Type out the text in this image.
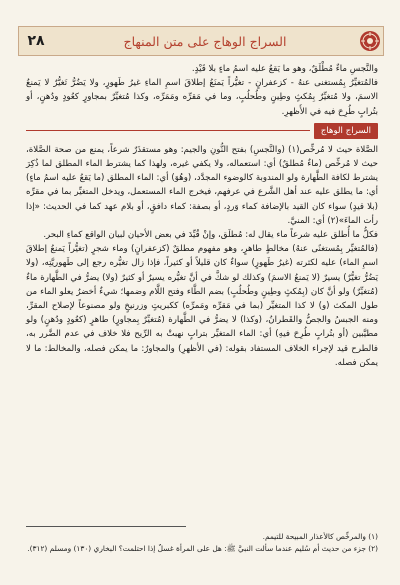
٢٨	السراج الوهاج على متن المنهاج

والنَّجسِ ماءٌ مُطْلَقٌ، وهو ما يَقعُ عليه اسمُ ماءٍ بلا قَيْدٍ.

فالمُتغيِّرُ بِمُستغنى عنهُ - كزعفرانٍ - تغيُّراً يَمنَعُ إطلاقَ اسمِ الماءِ غيرُ طَهورٍ، ولا يَضُرُّ تَغيُّرٌ لا يَمنعُ الاسمَ، ولا مُتغيِّرٌ بِمُكثٍ وطِينٍ وطُحلُبٍ، وما في مَقرِّه ومَمَرِّه، وكذا مُتغيِّرٌ بمجاورٍ كعُودٍ ودُهنٍ، أو بتُرابٍ طُرِحَ فيه في الأَظهرِ.

السراج الوهاج

الصَّلاة حيث لا مُرخِّص(١) (والنَّجسِ) بفتح النُّونِ والجيم: وهو مستقذَرٌ شرعاً، يمنع من صحة الصَّلاة، حيث لا مُرخِّص (ماءٌ مُطلقٌ) أي: استعماله، ولا يكفي غيره، ولهذا كما يشترط الماء المطلق لما ذُكِرَ يشترط لكافة الطَّهارة ولو المندوبة كالوضوء المجدَّد، (وهُوَ) أي: الماء المطلق (ما يَقعُ عليه اسمُ ماءٍ) أي: ما يطلق عليه عند أهل الشَّرع في عرفهم، فيخرج الماء المستعمل، ويدخل المتغيِّر بما في مقرِّه (بلا قيدٍ) سواء كان القيد بالإضافة كماء وَردٍ، أو بصفة: كماء دافقٍ، أو بلام عهد كما في الحديث: «إذا رأت الماءَ»(٢) أي: المنيَّ.

فكلُّ ما أُطلق عليه شرعاً ماء يقال له: مُطلَق، وإنْ قُيِّدَ في بعض الأحيان لبيان الواقع كماءِ البحر.

(فالمُتغيِّر بِمُستغنًى عنهُ) مخالطٍ طاهرٍ، وهو مفهوم مطلقٌ (كزعفرانٍ) وماء شجرٍ (تغيُّراً يَمنعُ إطلاقَ اسمِ الماء) عليه لكثرته (غيرُ طَهورٍ) سواءٌ كان قليلاً أو كثيراً، فإذا زال تغيُّره رجع إلى طَهوريَّتِه، (ولا يَضُرُّ تغيُّرٌ) يسيرٌ (لا يَمنعُ الاسمَ) وكذلك لو شكَّ في أنَّ تغيُّره يسيرٌ أو كثيرٌ (ولا) يضرُّ في الطَّهارة ماءٌ (مُتغيِّرٌ) ولو أنَّ كان (بِمُكثٍ وطِينٍ وطُحلُبٍ) بضم الطَّاء وفتح اللَّام وضمها؛ شيءٌ أخضرُ يعلو الماء من طول المكث (و) لا كذا المتغيِّر (بما في مَقرِّه ومَمرِّه) ككبريتٍ وزرنيخٍ ولو مصنوعاً لإصلاح المقرِّ، ومنه الجبسُ والجصُّ والقَطرانُ، (وكذا) لا يضرُّ في الطَّهارة (مُتغيِّرٌ بِمجاورٍ) طاهرٍ (كعُودٍ ودُهنٍ) ولو مطيَّبين (أو بتُرابٍ طُرِحَ فيهِ) أي: الماء المتغيِّر بترابٍ نهبتْ به الرِّيح فلا خلاف في عدم الضَّرر به، فالطرح قيد لإجراء الخلاف المستفاد بقوله: (في الأظهرِ) والمجاورُ: ما يمكن فصله، والمخالط: ما لا يمكن فصله.

(١) والمرخِّص كالأعذار المبيحة للتيمم.

(٢) جزء من حديث أم سُليم عندما سألت النبيَّ ﷺ: هل على المرأة غسلٌ إذا احتلمت؟ البخاري (١٣٠) ومسلم (٣١٢).
